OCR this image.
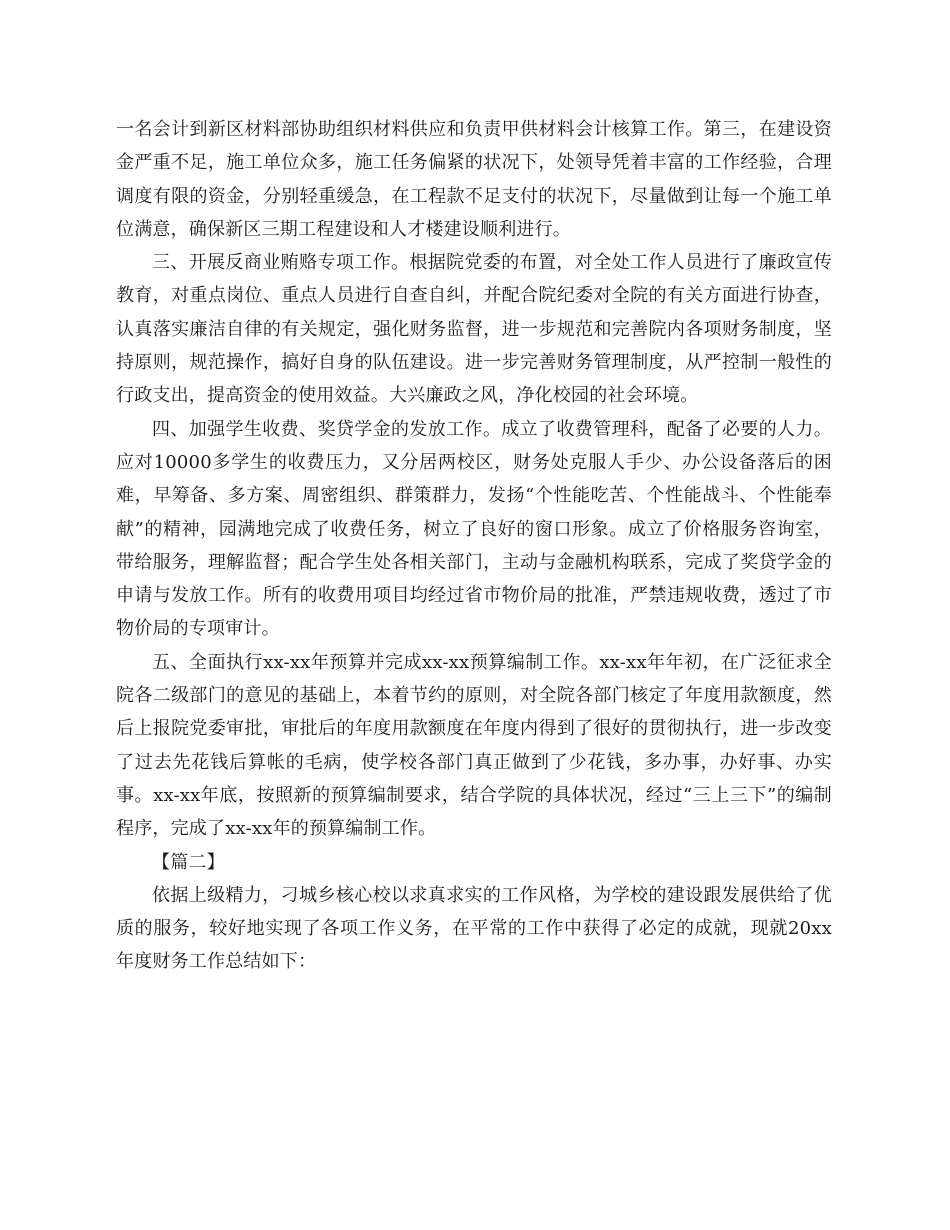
一名会计到新区材料部协助组织材料供应和负责甲供材料会计核算工作。第三，在建设资金严重不足，施工单位众多，施工任务偏紧的状况下，处领导凭着丰富的工作经验，合理调度有限的资金，分别轻重缓急，在工程款不足支付的状况下，尽量做到让每一个施工单位满意，确保新区三期工程建设和人才楼建设顺利进行。

三、开展反商业贿赂专项工作。根据院党委的布置，对全处工作人员进行了廉政宣传教育，对重点岗位、重点人员进行自查自纠，并配合院纪委对全院的有关方面进行协查，认真落实廉洁自律的有关规定，强化财务监督，进一步规范和完善院内各项财务制度，坚持原则，规范操作，搞好自身的队伍建设。进一步完善财务管理制度，从严控制一般性的行政支出，提高资金的使用效益。大兴廉政之风，净化校园的社会环境。

四、加强学生收费、奖贷学金的发放工作。成立了收费管理科，配备了必要的人力。应对10000多学生的收费压力，又分居两校区，财务处克服人手少、办公设备落后的困难，早筹备、多方案、周密组织、群策群力，发扬“个性能吃苦、个性能战斗、个性能奉献”的精神，园满地完成了收费任务，树立了良好的窗口形象。成立了价格服务咨询室，带给服务，理解监督；配合学生处各相关部门，主动与金融机构联系，完成了奖贷学金的申请与发放工作。所有的收费用项目均经过省市物价局的批准，严禁违规收费，透过了市物价局的专项审计。

五、全面执行xx-xx年预算并完成xx-xx预算编制工作。xx-xx年年初，在广泛征求全院各二级部门的意见的基础上，本着节约的原则，对全院各部门核定了年度用款额度，然后上报院党委审批，审批后的年度用款额度在年度内得到了很好的贯彻执行，进一步改变了过去先花钱后算帐的毛病，使学校各部门真正做到了少花钱，多办事，办好事、办实事。xx-xx年底，按照新的预算编制要求，结合学院的具体状况，经过“三上三下”的编制程序，完成了xx-xx年的预算编制工作。

【篇二】

依据上级精力，刁城乡核心校以求真求实的工作风格，为学校的建设跟发展供给了优质的服务，较好地实现了各项工作义务，在平常的工作中获得了必定的成就，现就20xx年度财务工作总结如下：
